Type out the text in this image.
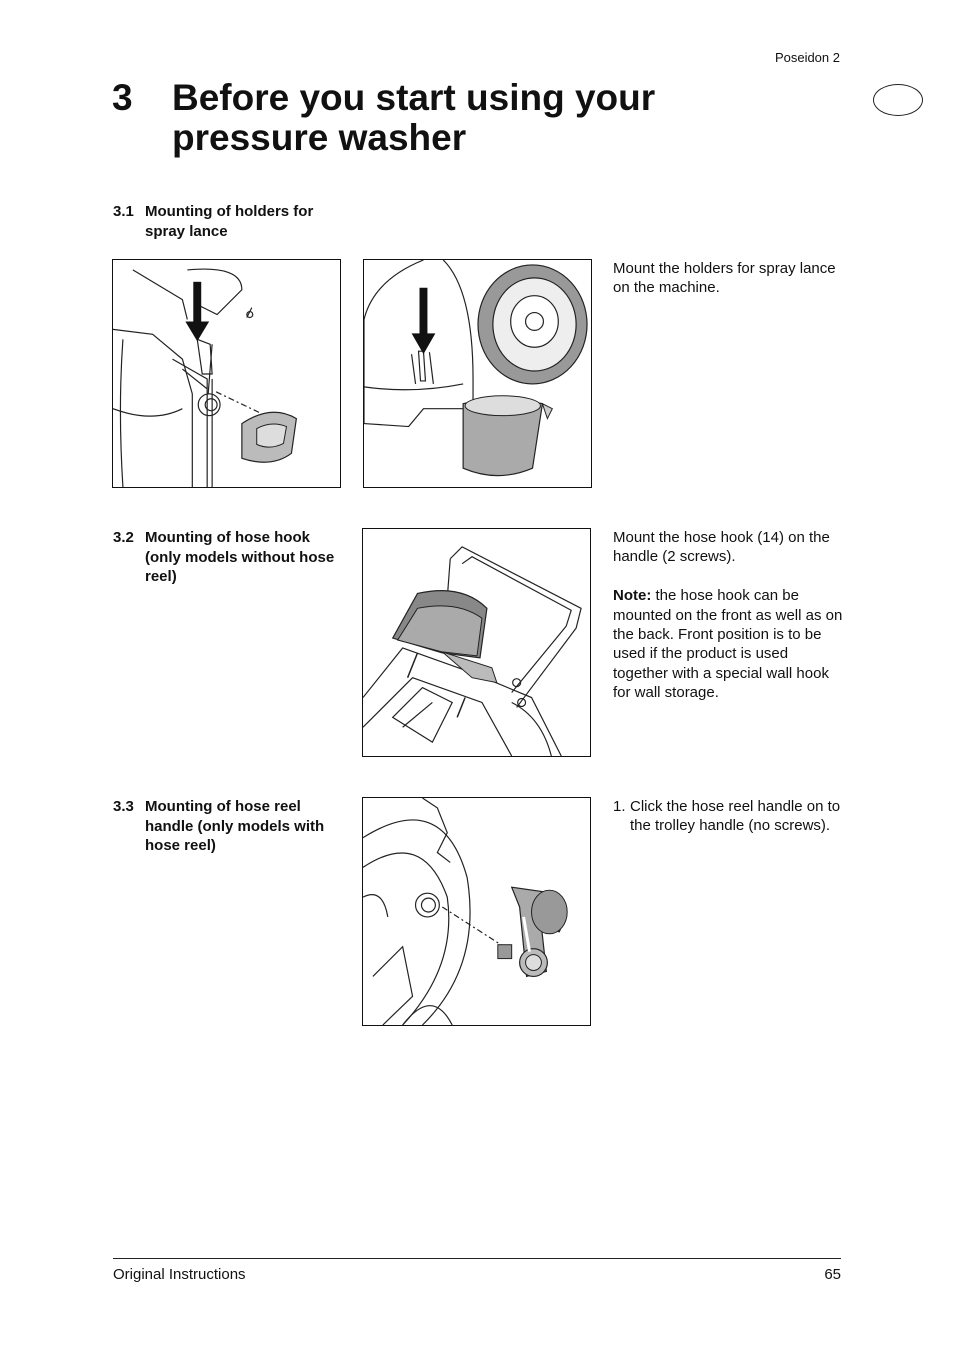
Poseidon 2
3 Before you start using your pressure washer
3.1 Mounting of holders for spray lance

Mount the holders for spray lance on the machine.

3.2 Mounting of hose hook (only models without hose reel)

Mount the hose hook (14) on the handle (2 screws).

Note: the hose hook can be mounted on the front as well as on the back. Front position is to be used if the product is used together with a special wall hook for wall storage.

3.3 Mounting of hose reel handle (only models with hose reel)
1. Click the hose reel handle on to the trolley handle (no screws).
Original Instructions	65
